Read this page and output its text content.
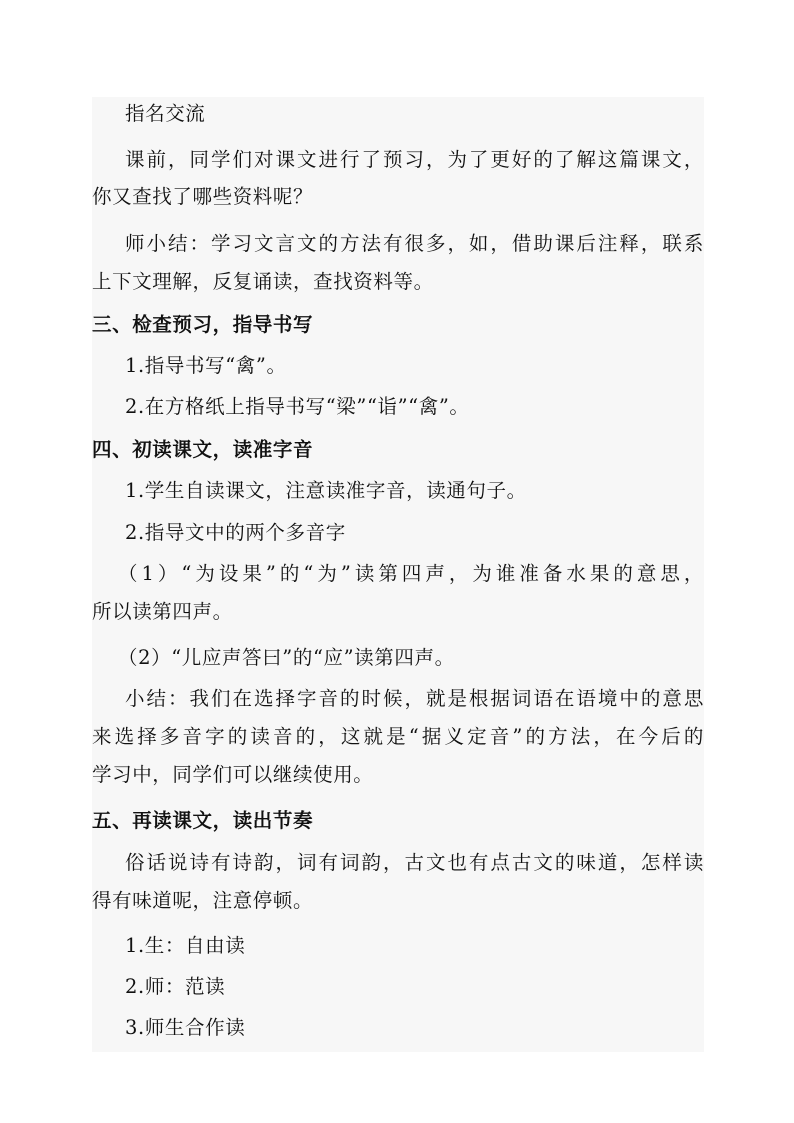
指名交流
课前，同学们对课文进行了预习，为了更好的了解这篇课文，
你又查找了哪些资料呢？
师小结：学习文言文的方法有很多，如，借助课后注释，联系
上下文理解，反复诵读，查找资料等。
三、检查预习，指导书写
1.指导书写“禽”。
2.在方格纸上指导书写“梁”“诣”“禽”。
四、初读课文，读准字音
1.学生自读课文，注意读准字音，读通句子。
2.指导文中的两个多音字
（1）“为设果”的“为”读第四声，为谁准备水果的意思，
所以读第四声。
（2）“儿应声答曰”的“应”读第四声。
小结：我们在选择字音的时候，就是根据词语在语境中的意思
来选择多音字的读音的，这就是“据义定音”的方法，在今后的
学习中，同学们可以继续使用。
五、再读课文，读出节奏
俗话说诗有诗韵，词有词韵，古文也有点古文的味道，怎样读
得有味道呢，注意停顿。
1.生：自由读
2.师：范读
3.师生合作读
